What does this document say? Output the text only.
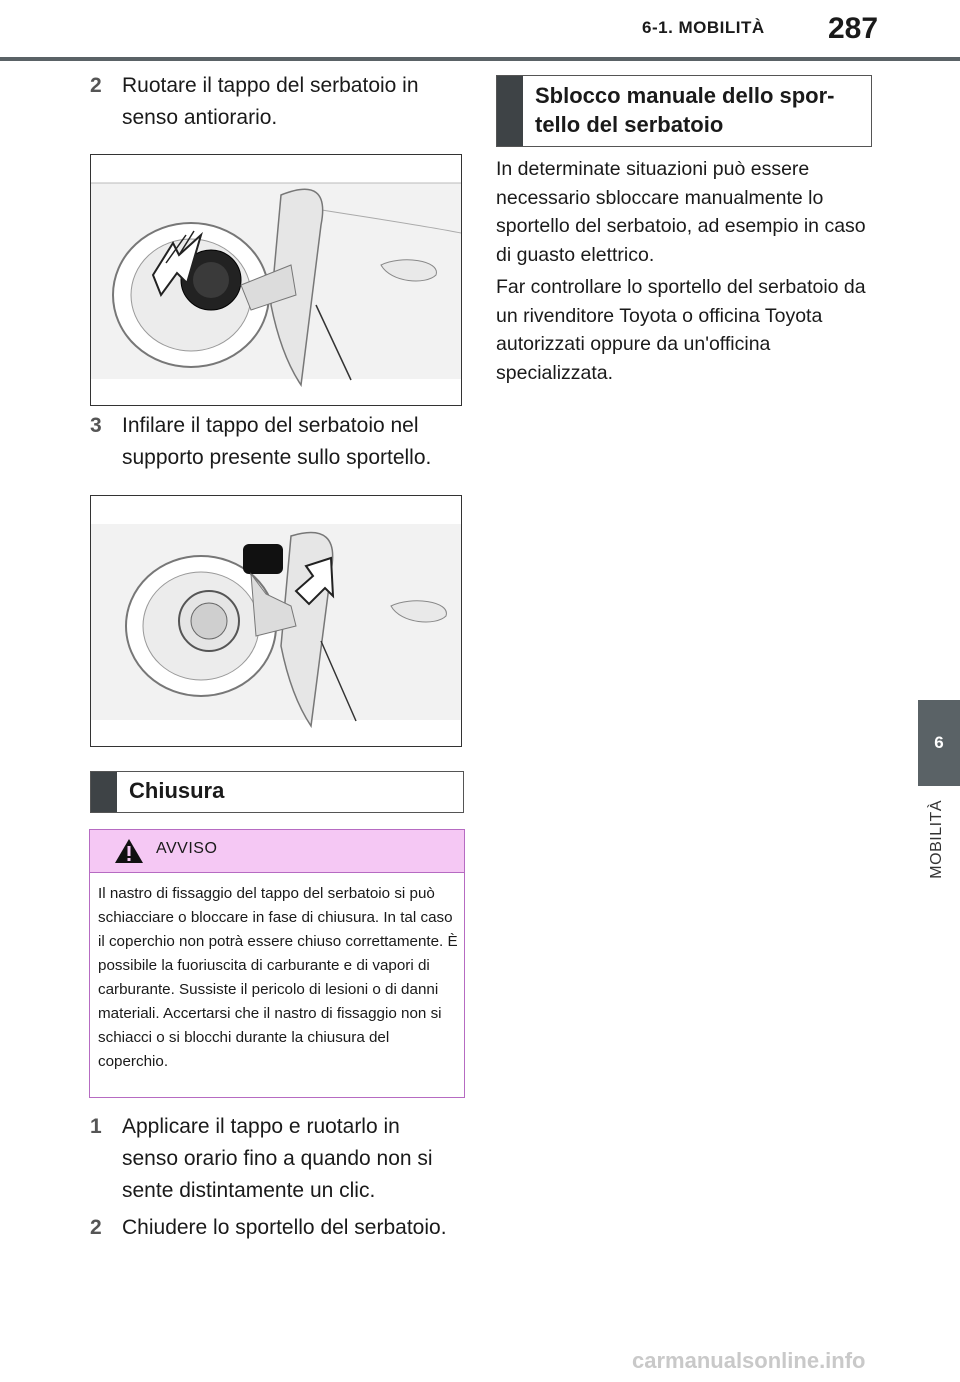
6-1. MOBILITÀ 287
6
MOBILITÀ
2 Ruotare il tappo del serbatoio in senso antiorario.
3 Infilare il tappo del serbatoio nel supporto presente sullo sportello.
Chiusura
AVVISO
Il nastro di fissaggio del tappo del serbatoio si può schiacciare o bloccare in fase di chiusura. In tal caso il coperchio non potrà essere chiuso correttamente. È possibile la fuoriuscita di carburante e di vapori di carburante. Sussiste il pericolo di lesioni o di danni materiali. Accertarsi che il nastro di fissaggio non si schiacci o si blocchi durante la chiusura del coperchio.
1 Applicare il tappo e ruotarlo in senso orario fino a quando non si sente distintamente un clic.
2 Chiudere lo sportello del serbatoio.
Sblocco manuale dello spor-
tello del serbatoio
In determinate situazioni può essere necessario sbloccare manualmente lo sportello del serbatoio, ad esempio in caso di guasto elettrico.
Far controllare lo sportello del serbatoio da un rivenditore Toyota o officina Toyota autorizzati oppure da un'officina specializzata.
carmanualsonline.info
